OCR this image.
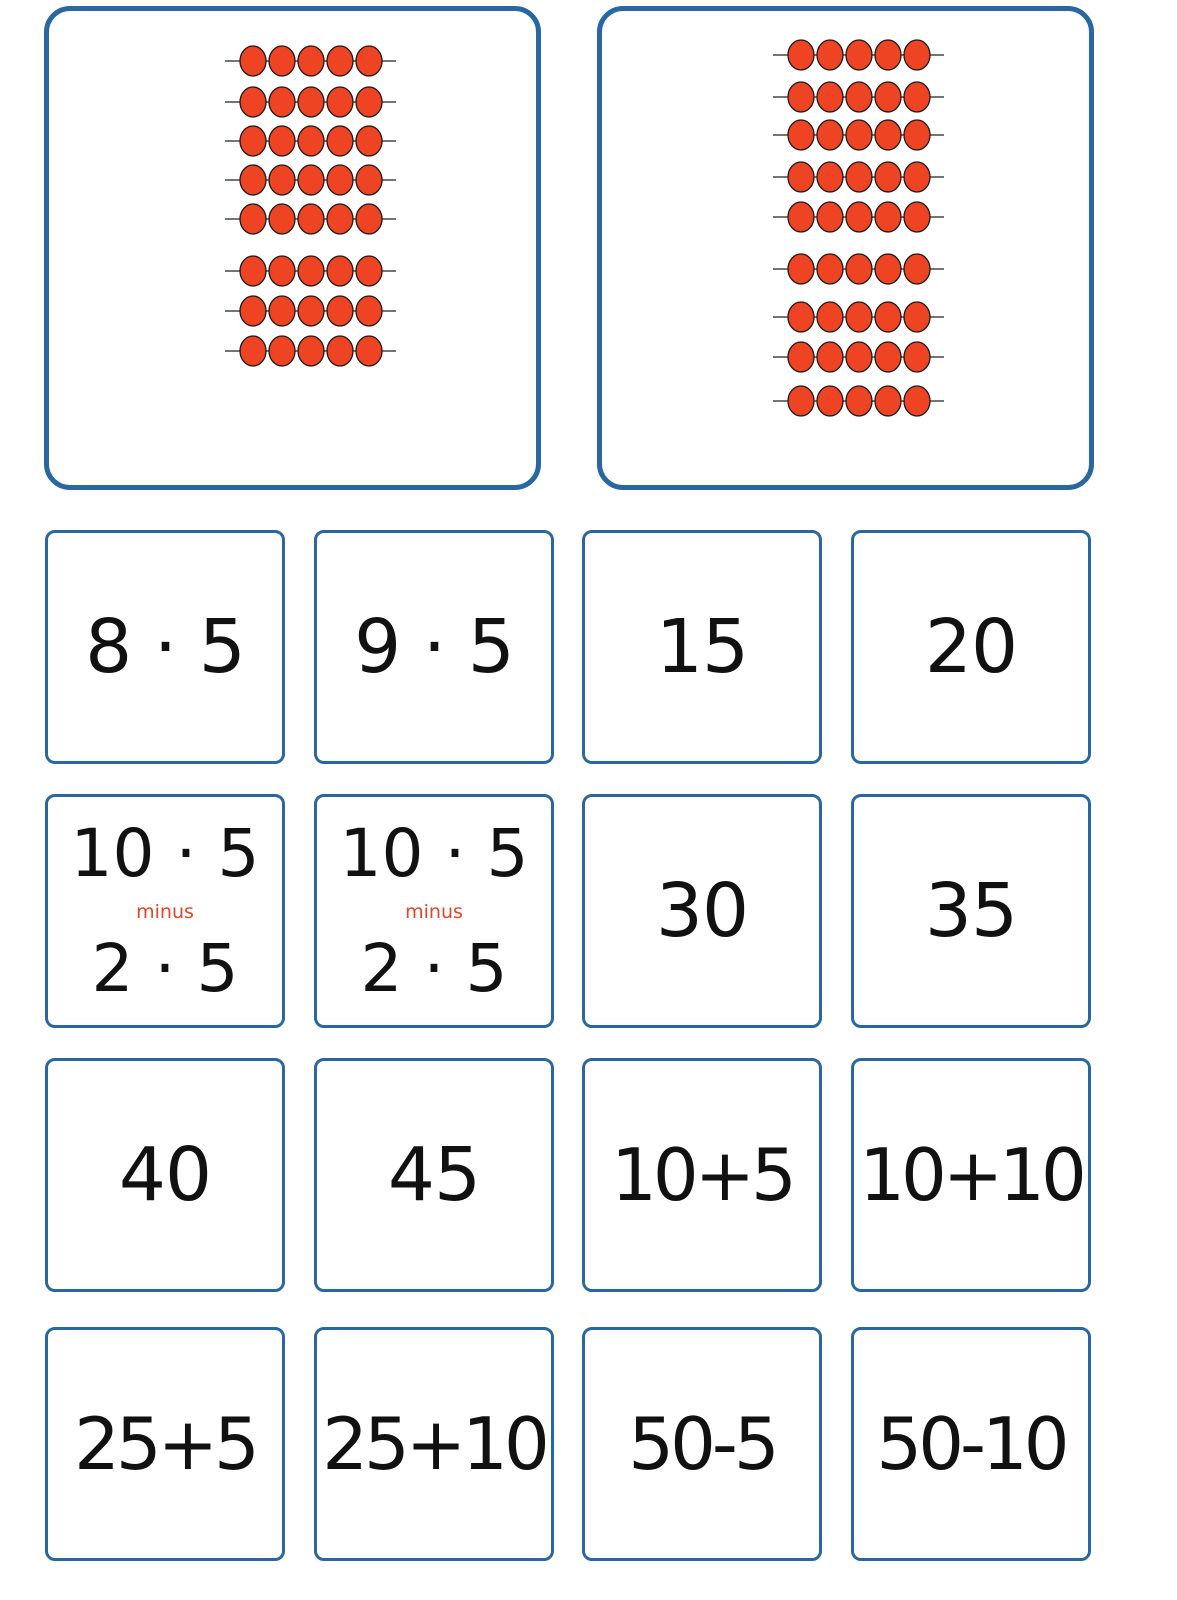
8 · 5 9 · 5 15 20
10 · 5
minus
2 · 5
10 · 5
minus
2 · 5
30 35
40 45 10+5 10+10
25+5 25+10 50-5 50-10
